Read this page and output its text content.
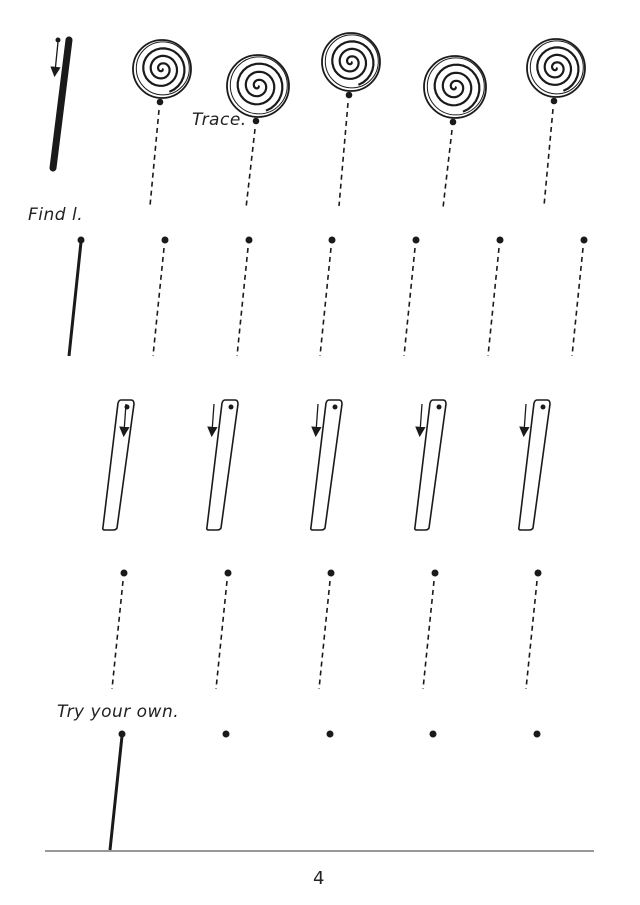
Trace.
Find l.
Try your own.
4
